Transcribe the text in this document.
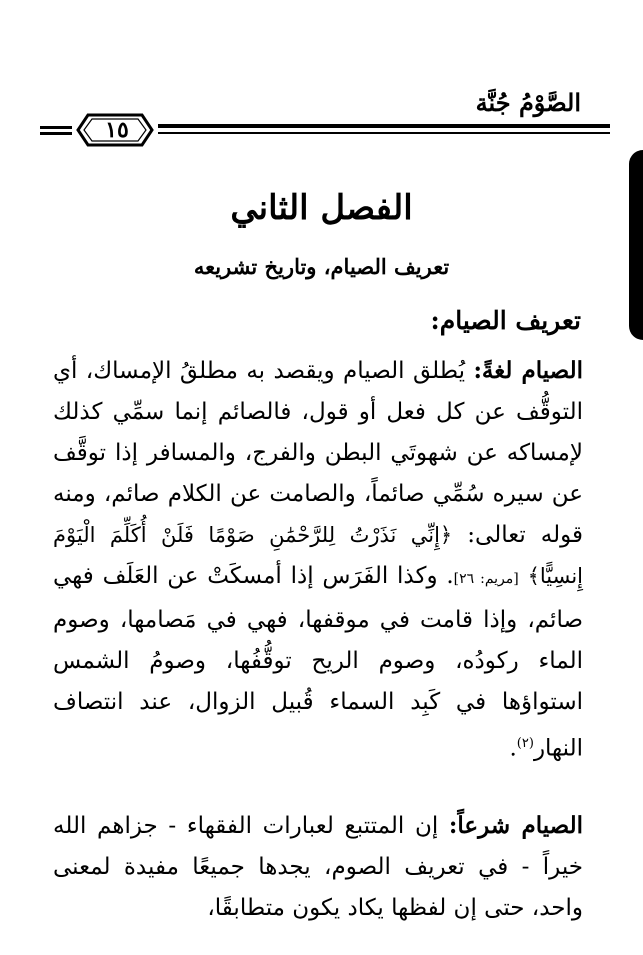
الصَّوْمُ جُنَّة
١٥
الفصل الثاني
تعريف الصيام، وتاريخ تشريعه
تعريف الصيام:

الصيام لغةً: يُطلق الصيام ويقصد به مطلقُ الإمساك، أي التوقُّف عن كل فعل أو قول، فالصائم إنما سمِّي كذلك لإمساكه عن شهوتَي البطن والفرج، والمسافر إذا توقَّف عن سيره سُمِّي صائماً، والصامت عن الكلام صائم، ومنه قوله تعالى: ﴿إِنِّي نَذَرْتُ لِلرَّحْمَٰنِ صَوْمًا فَلَنْ أُكَلِّمَ الْيَوْمَ إِنسِيًّا﴾ [مريم: ٢٦]. وكذا الفَرَس إذا أمسكَتْ عن العَلَف فهي صائم، وإذا قامت في موقفها، فهي في مَصامها، وصوم الماء ركودُه، وصوم الريح توقُّفُها، وصومُ الشمس استواؤها في كَبِد السماء قُبيل الزوال، عند انتصاف النهار$^{(٢)}$.

الصيام شرعاً: إن المتتبع لعبارات الفقهاء - جزاهم الله خيراً - في تعريف الصوم، يجدها جميعًا مفيدة لمعنى واحد، حتى إن لفظها يكاد يكون متطابقًا،
